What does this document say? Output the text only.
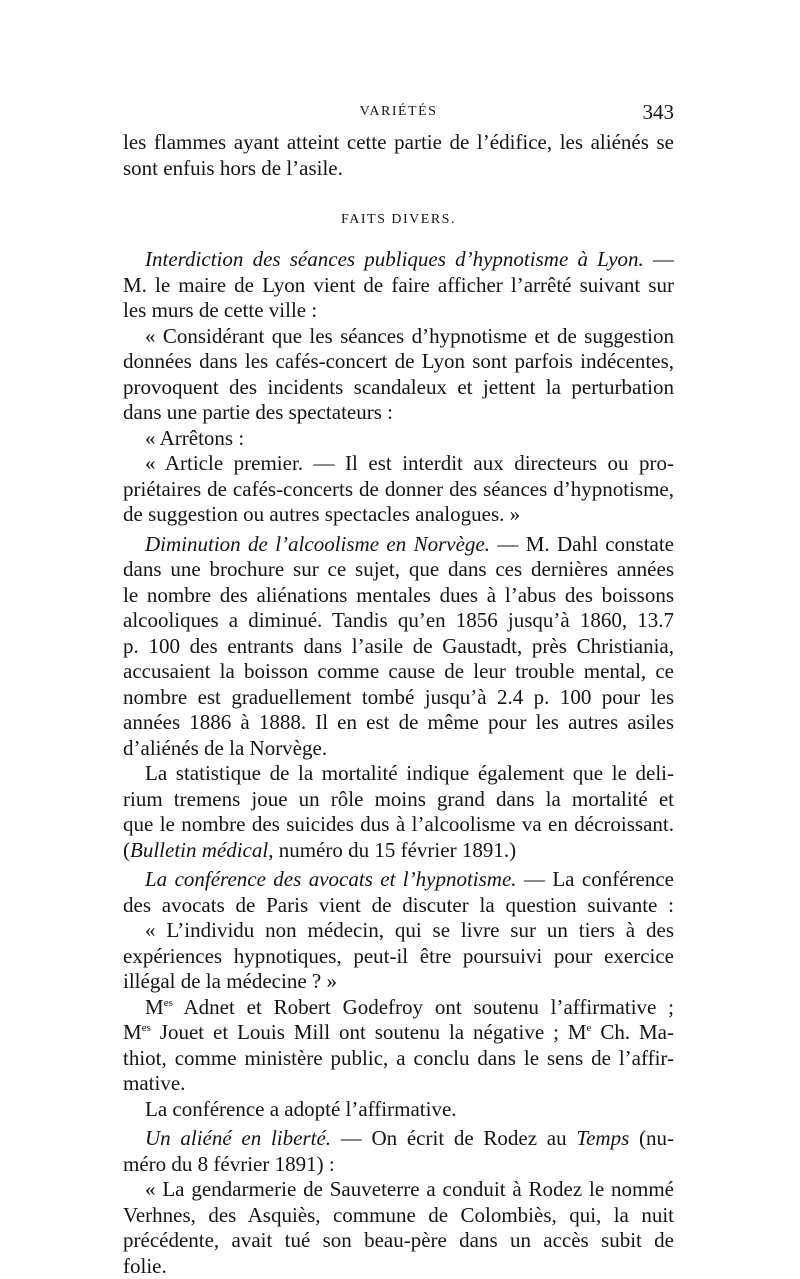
VARIÉTÉS	343
les flammes ayant atteint cette partie de l’édifice, les aliénés se
sont enfuis hors de l’asile.
FAITS DIVERS.
Interdiction des séances publiques d’hypnotisme à Lyon. —
M. le maire de Lyon vient de faire afficher l’arrêté suivant sur
les murs de cette ville :
« Considérant que les séances d’hypnotisme et de suggestion
données dans les cafés-concert de Lyon sont parfois indécentes,
provoquent des incidents scandaleux et jettent la perturbation
dans une partie des spectateurs :
« Arrêtons :
« Article premier. — Il est interdit aux directeurs ou pro-
priétaires de cafés-concerts de donner des séances d’hypnotisme,
de suggestion ou autres spectacles analogues. »
Diminution de l’alcoolisme en Norvège. — M. Dahl constate
dans une brochure sur ce sujet, que dans ces dernières années
le nombre des aliénations mentales dues à l’abus des boissons
alcooliques a diminué. Tandis qu’en 1856 jusqu’à 1860, 13.7
p. 100 des entrants dans l’asile de Gaustadt, près Christiania,
accusaient la boisson comme cause de leur trouble mental, ce
nombre est graduellement tombé jusqu’à 2.4 p. 100 pour les
années 1886 à 1888. Il en est de même pour les autres asiles
d’aliénés de la Norvège.
La statistique de la mortalité indique également que le deli-
rium tremens joue un rôle moins grand dans la mortalité et
que le nombre des suicides dus à l’alcoolisme va en décroissant.
(Bulletin médical, numéro du 15 février 1891.)
La conférence des avocats et l’hypnotisme. — La conférence
des avocats de Paris vient de discuter la question suivante :
« L’individu non médecin, qui se livre sur un tiers à des
expériences hypnotiques, peut-il être poursuivi pour exercice
illégal de la médecine ? »
$M^{es}$ Adnet et Robert Godefroy ont soutenu l’affirmative ;
$M^{es}$ Jouet et Louis Mill ont soutenu la négative ; Me Ch. Ma-
thiot, comme ministère public, a conclu dans le sens de l’affir-
mative.
La conférence a adopté l’affirmative.
Un aliéné en liberté. — On écrit de Rodez au Temps (nu-
méro du 8 février 1891) :
« La gendarmerie de Sauveterre a conduit à Rodez le nommé
Verhnes, des Asquiès, commune de Colombiès, qui, la nuit
précédente, avait tué son beau-père dans un accès subit de
folie.
